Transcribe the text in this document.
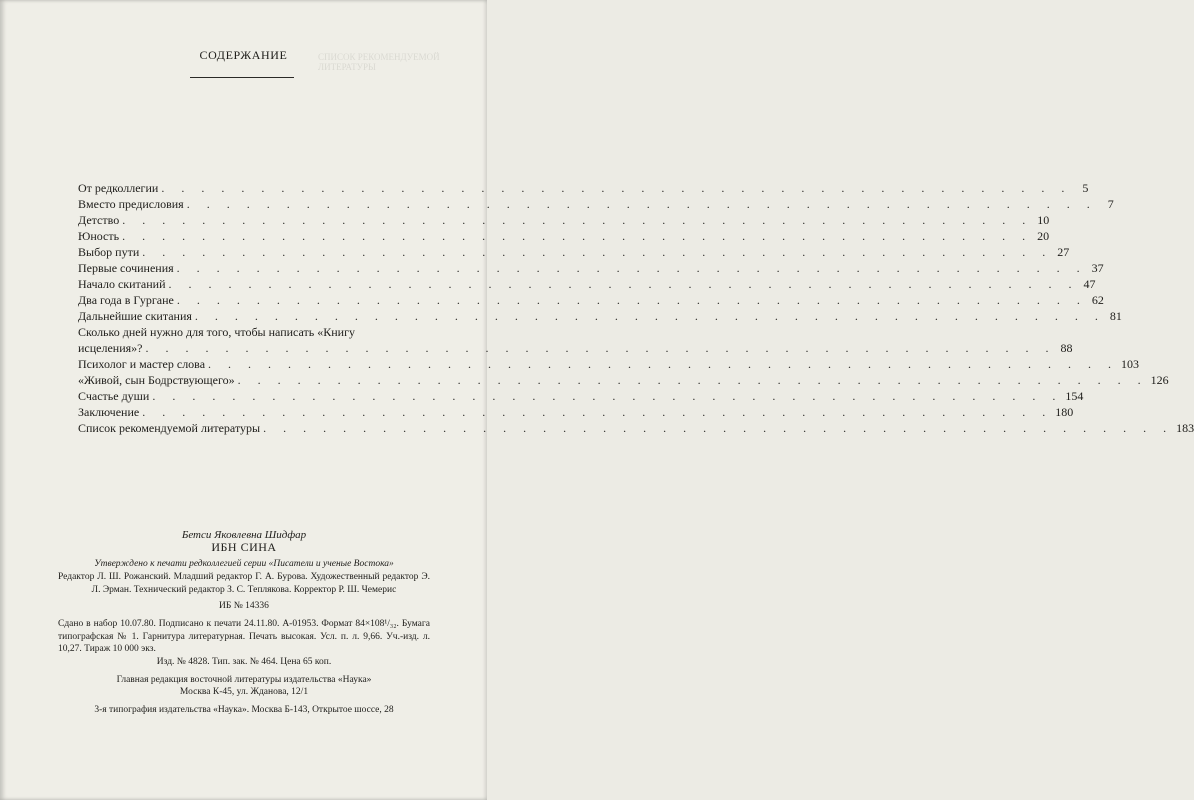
СПИСОК РЕКОМЕНДУЕМОЙ ЛИТЕРАТУРЫ
СОДЕРЖАНИЕ
От редколлегии . . . . . . . . . . . . . . . . . . . . . . . . . . . . . . . . . . . . . . . . . . . . . . 5
Вместо предисловия . . . . . . . . . . . . . . . . . . . . . . . . . . . . . . . . . . . . . . . . . . . . . . 7
Детство . . . . . . . . . . . . . . . . . . . . . . . . . . . . . . . . . . . . . . . . . . . . . . 10
Юность . . . . . . . . . . . . . . . . . . . . . . . . . . . . . . . . . . . . . . . . . . . . . . 20
Выбор пути . . . . . . . . . . . . . . . . . . . . . . . . . . . . . . . . . . . . . . . . . . . . . . 27
Первые сочинения . . . . . . . . . . . . . . . . . . . . . . . . . . . . . . . . . . . . . . . . . . . . . . 37
Начало скитаний . . . . . . . . . . . . . . . . . . . . . . . . . . . . . . . . . . . . . . . . . . . . . . 47
Два года в Гургане . . . . . . . . . . . . . . . . . . . . . . . . . . . . . . . . . . . . . . . . . . . . . . 62
Дальнейшие скитания . . . . . . . . . . . . . . . . . . . . . . . . . . . . . . . . . . . . . . . . . . . . . . 81
Сколько дней нужно для того, чтобы написать «Книгу
исцеления»? . . . . . . . . . . . . . . . . . . . . . . . . . . . . . . . . . . . . . . . . . . . . . . 88
Психолог и мастер слова . . . . . . . . . . . . . . . . . . . . . . . . . . . . . . . . . . . . . . . . . . . . . . 103
«Живой, сын Бодрствующего» . . . . . . . . . . . . . . . . . . . . . . . . . . . . . . . . . . . . . . . . . . . . . . 126
Счастье души . . . . . . . . . . . . . . . . . . . . . . . . . . . . . . . . . . . . . . . . . . . . . . 154
Заключение . . . . . . . . . . . . . . . . . . . . . . . . . . . . . . . . . . . . . . . . . . . . . . 180
Список рекомендуемой литературы . . . . . . . . . . . . . . . . . . . . . . . . . . . . . . . . . . . . . . . . . . . . . . 183
Бетси Яковлевна Шидфар
ИБН СИНА
Утверждено к печати редколлегией серии «Писатели и ученые Востока»
Редактор Л. Ш. Рожанский. Младший редактор Г. А. Бурова. Художественный редактор Э. Л. Эрман. Технический редактор З. С. Теплякова. Корректор Р. Ш. Чемерис
ИБ № 14336
Сдано в набор 10.07.80. Подписано к печати 24.11.80. А-01953. Формат 84×108¹/₃₂. Бумага типографская № 1. Гарнитура литературная. Печать высокая. Усл. п. л. 9,66. Уч.-изд. л. 10,27. Тираж 10 000 экз.
Изд. № 4828. Тип. зак. № 464. Цена 65 коп.
Главная редакция восточной литературы издательства «Наука»
Москва К-45, ул. Жданова, 12/1
3-я типография издательства «Наука». Москва Б-143, Открытое шоссе, 28
